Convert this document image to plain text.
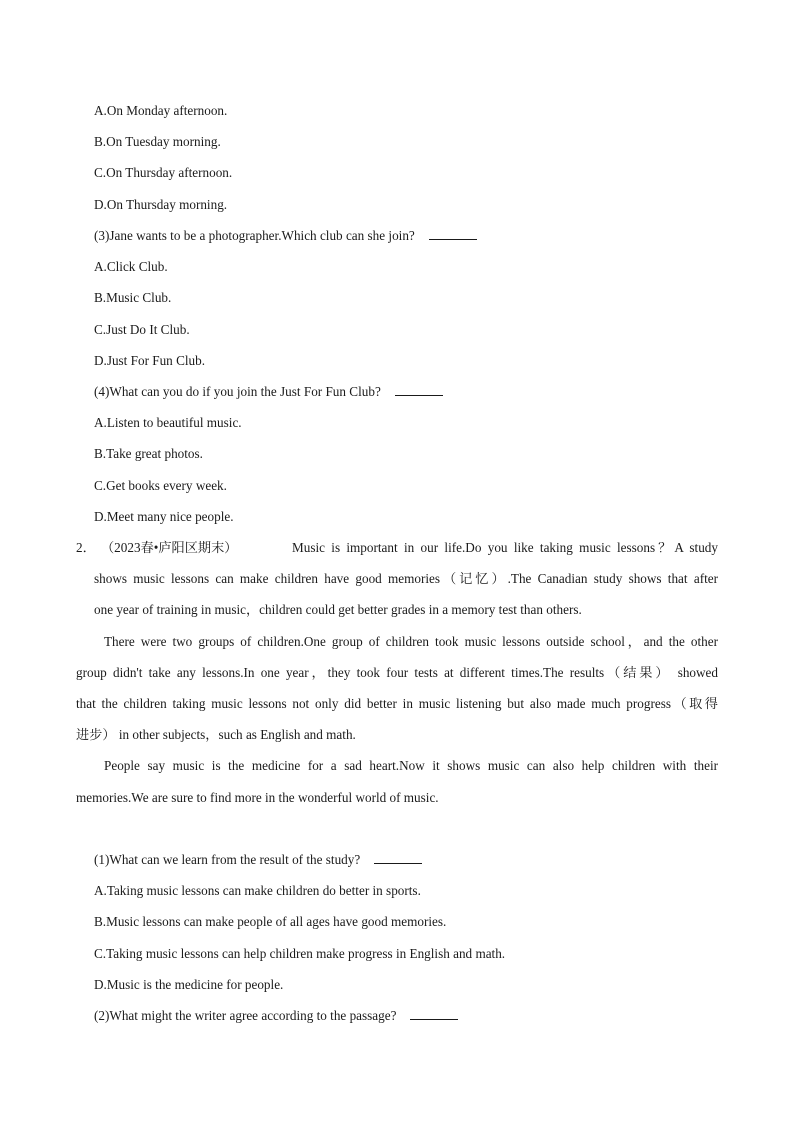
A.On Monday afternoon.
B.On Tuesday morning.
C.On Thursday afternoon.
D.On Thursday morning.
(3)Jane wants to be a photographer.Which club can she join?
A.Click Club.
B.Music Club.
C.Just Do It Club.
D.Just For Fun Club.
(4)What can you do if you join the Just For Fun Club?
A.Listen to beautiful music.
B.Take great photos.
C.Get books every week.
D.Meet many nice people.
2． （2023春•庐阳区期末）	Music is important in our life.Do you like taking music lessons？A study
shows music lessons can make children have good memories（记忆）.The Canadian study shows that after
one year of training in music，children could get better grades in a memory test than others.
There were two groups of children.One group of children took music lessons outside school，and the other
group didn't take any lessons.In one year，they took four tests at different times.The results（结果） showed
that the children taking music lessons not only did better in music listening but also made much progress（取得
进步） in other subjects，such as English and math.
People say music is the medicine for a sad heart.Now it shows music can also help children with their
memories.We are sure to find more in the wonderful world of music.
(1)What can we learn from the result of the study?
A.Taking music lessons can make children do better in sports.
B.Music lessons can make people of all ages have good memories.
C.Taking music lessons can help children make progress in English and math.
D.Music is the medicine for people.
(2)What might the writer agree according to the passage?
